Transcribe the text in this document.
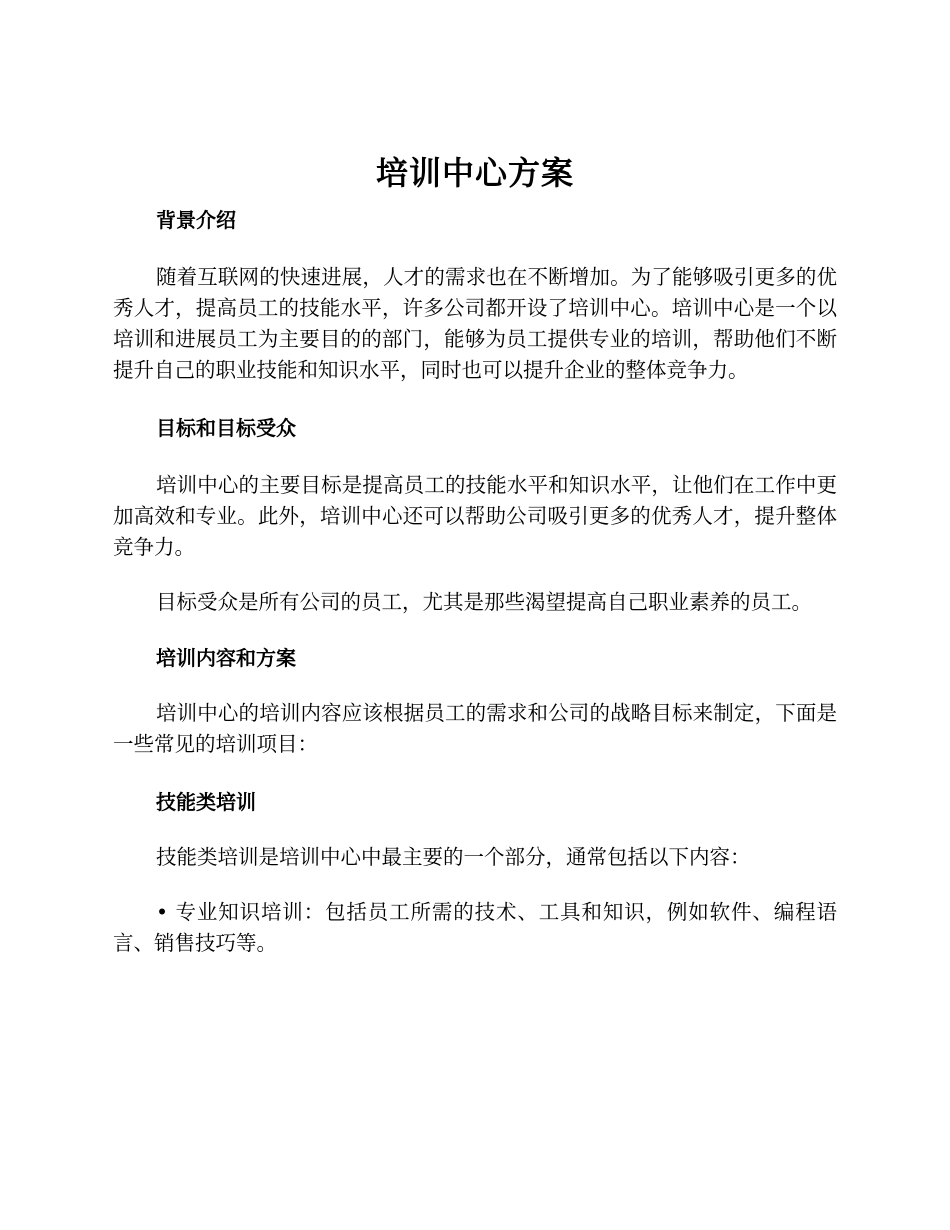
培训中心方案
背景介绍

随着互联网的快速进展，人才的需求也在不断增加。为了能够吸引更多的优秀人才，提高员工的技能水平，许多公司都开设了培训中心。培训中心是一个以培训和进展员工为主要目的的部门，能够为员工提供专业的培训，帮助他们不断提升自己的职业技能和知识水平，同时也可以提升企业的整体竞争力。

目标和目标受众

培训中心的主要目标是提高员工的技能水平和知识水平，让他们在工作中更加高效和专业。此外，培训中心还可以帮助公司吸引更多的优秀人才，提升整体竞争力。

目标受众是所有公司的员工，尤其是那些渴望提高自己职业素养的员工。

培训内容和方案

培训中心的培训内容应该根据员工的需求和公司的战略目标来制定，下面是一些常见的培训项目：

技能类培训

技能类培训是培训中心中最主要的一个部分，通常包括以下内容：

• 专业知识培训：包括员工所需的技术、工具和知识，例如软件、编程语言、销售技巧等。
